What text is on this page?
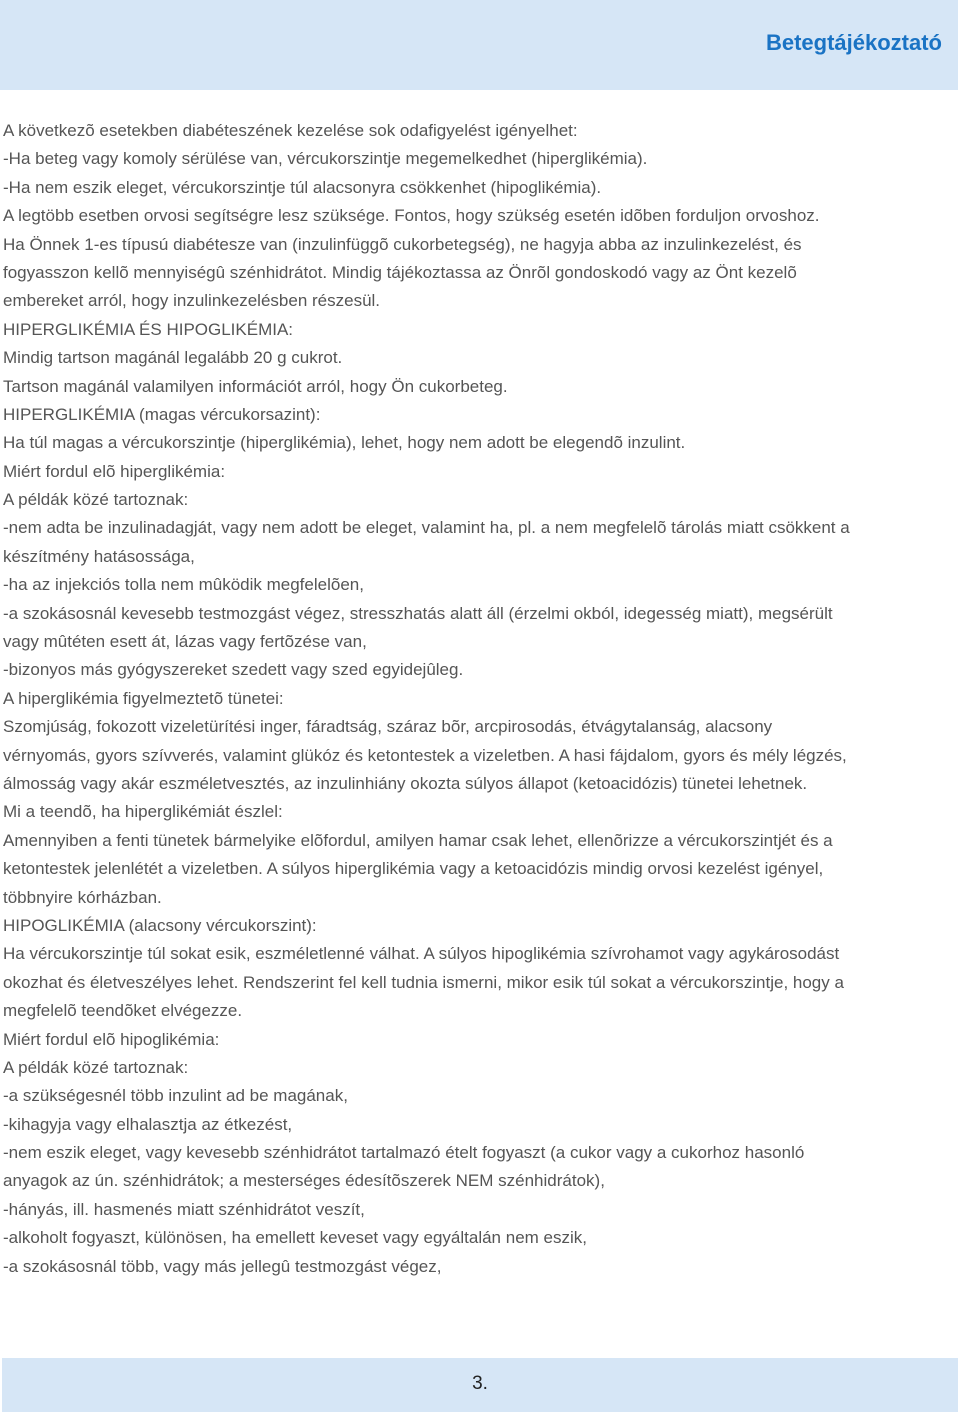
Betegtájékoztató
A következõ esetekben diabéteszének kezelése sok odafigyelést igényelhet:
-Ha beteg vagy komoly sérülése van, vércukorszintje megemelkedhet (hiperglikémia).
-Ha nem eszik eleget, vércukorszintje túl alacsonyra csökkenhet (hipoglikémia).
A legtöbb esetben orvosi segítségre lesz szüksége. Fontos, hogy szükség esetén idõben forduljon orvoshoz.
Ha Önnek 1-es típusú diabétesze van (inzulinfüggõ cukorbetegség), ne hagyja abba az inzulinkezelést, és
fogyasszon kellõ mennyiségû szénhidrátot. Mindig tájékoztassa az Önrõl gondoskodó vagy az Önt kezelõ
embereket arról, hogy inzulinkezelésben részesül.
HIPERGLIKÉMIA ÉS HIPOGLIKÉMIA:
Mindig tartson magánál legalább 20 g cukrot.
Tartson magánál valamilyen információt arról, hogy Ön cukorbeteg.
HIPERGLIKÉMIA (magas vércukorsazint):
Ha túl magas a vércukorszintje (hiperglikémia), lehet, hogy nem adott be elegendõ inzulint.
Miért fordul elõ hiperglikémia:
A példák közé tartoznak:
-nem adta be inzulinadagját, vagy nem adott be eleget, valamint ha, pl. a nem megfelelõ tárolás miatt csökkent a
készítmény hatásossága,
-ha az injekciós tolla nem mûködik megfelelõen,
-a szokásosnál kevesebb testmozgást végez, stresszhatás alatt áll (érzelmi okból, idegesség miatt), megsérült
vagy mûtéten esett át, lázas vagy fertõzése van,
-bizonyos más gyógyszereket szedett vagy szed egyidejûleg.
A hiperglikémia figyelmeztetõ tünetei:
Szomjúság, fokozott vizeletürítési inger, fáradtság, száraz bõr, arcpirosodás, étvágytalanság, alacsony
vérnyomás, gyors szívverés, valamint glükóz és ketontestek a vizeletben. A hasi fájdalom, gyors és mély légzés,
álmosság vagy akár eszméletvesztés, az inzulinhiány okozta súlyos állapot (ketoacidózis) tünetei lehetnek.
Mi a teendõ, ha hiperglikémiát észlel:
Amennyiben a fenti tünetek bármelyike elõfordul, amilyen hamar csak lehet, ellenõrizze a vércukorszintjét és a
ketontestek jelenlétét a vizeletben. A súlyos hiperglikémia vagy a ketoacidózis mindig orvosi kezelést igényel,
többnyire kórházban.
HIPOGLIKÉMIA (alacsony vércukorszint):
Ha vércukorszintje túl sokat esik, eszméletlenné válhat. A súlyos hipoglikémia szívrohamot vagy agykárosodást
okozhat és életveszélyes lehet. Rendszerint fel kell tudnia ismerni, mikor esik túl sokat a vércukorszintje, hogy a
megfelelõ teendõket elvégezze.
Miért fordul elõ hipoglikémia:
A példák közé tartoznak:
-a szükségesnél több inzulint ad be magának,
-kihagyja vagy elhalasztja az étkezést,
-nem eszik eleget, vagy kevesebb szénhidrátot tartalmazó ételt fogyaszt (a cukor vagy a cukorhoz hasonló
anyagok az ún. szénhidrátok; a mesterséges édesítõszerek NEM szénhidrátok),
-hányás, ill. hasmenés miatt szénhidrátot veszít,
-alkoholt fogyaszt, különösen, ha emellett keveset vagy egyáltalán nem eszik,
-a szokásosnál több, vagy más jellegû testmozgást végez,
3.
